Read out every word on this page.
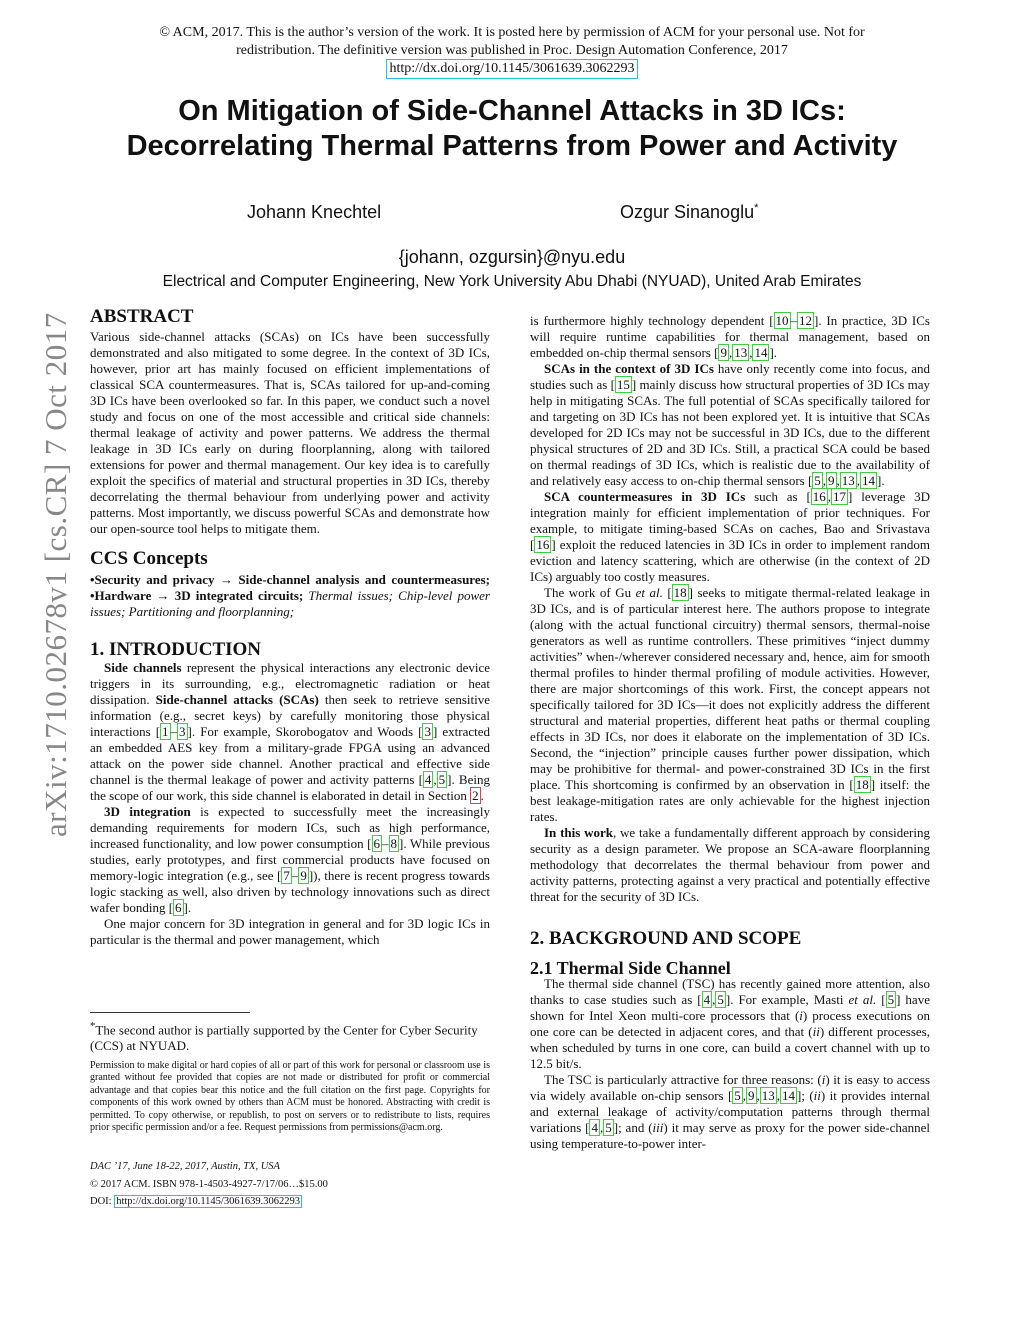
arXiv:1710.02678v1 [cs.CR] 7 Oct 2017
© ACM, 2017. This is the author’s version of the work. It is posted here by permission of ACM for your personal use. Not for
redistribution. The definitive version was published in Proc. Design Automation Conference, 2017
http://dx.doi.org/10.1145/3061639.3062293
On Mitigation of Side-Channel Attacks in 3D ICs:
Decorrelating Thermal Patterns from Power and Activity
Johann Knechtel	Ozgur Sinanoglu*
{johann, ozgursin}@nyu.edu
Electrical and Computer Engineering, New York University Abu Dhabi (NYUAD), United Arab Emirates
ABSTRACT

Various side-channel attacks (SCAs) on ICs have been successfully demonstrated and also mitigated to some degree. In the context of 3D ICs, however, prior art has mainly focused on efficient implementations of classical SCA countermeasures. That is, SCAs tailored for up-and-coming 3D ICs have been overlooked so far. In this paper, we conduct such a novel study and focus on one of the most accessible and critical side channels: thermal leakage of activity and power patterns. We address the thermal leakage in 3D ICs early on during floorplanning, along with tailored extensions for power and thermal management. Our key idea is to carefully exploit the specifics of material and structural properties in 3D ICs, thereby decorrelating the thermal behaviour from underlying power and activity patterns. Most importantly, we discuss powerful SCAs and demonstrate how our open-source tool helps to mitigate them.

CCS Concepts

•Security and privacy → Side-channel analysis and countermeasures; •Hardware → 3D integrated circuits; Thermal issues; Chip-level power issues; Partitioning and floorplanning;

1. INTRODUCTION

Side channels represent the physical interactions any electronic device triggers in its surrounding, e.g., electromagnetic radiation or heat dissipation. Side-channel attacks (SCAs) then seek to retrieve sensitive information (e.g., secret keys) by carefully monitoring those physical interactions [ 1 – 3 ]. For example, Skorobogatov and Woods [ 3 ] extracted an embedded AES key from a military-grade FPGA using an advanced attack on the power side channel. Another practical and effective side channel is the thermal leakage of power and activity patterns [ 4 , 5 ]. Being the scope of our work, this side channel is elaborated in detail in Section 2 .

3D integration is expected to successfully meet the increasingly demanding requirements for modern ICs, such as high performance, increased functionality, and low power consumption [ 6 – 8 ]. While previous studies, early prototypes, and first commercial products have focused on memory-logic integration (e.g., see [ 7 – 9 ]), there is recent progress towards logic stacking as well, also driven by technology innovations such as direct wafer bonding [ 6 ].

One major concern for 3D integration in general and for 3D logic ICs in particular is the thermal and power management, which

*The second author is partially supported by the Center for Cyber Security (CCS) at NYUAD.
Permission to make digital or hard copies of all or part of this work for personal or classroom use is granted without fee provided that copies are not made or distributed for profit or commercial advantage and that copies bear this notice and the full citation on the first page. Copyrights for components of this work owned by others than ACM must be honored. Abstracting with credit is permitted. To copy otherwise, or republish, to post on servers or to redistribute to lists, requires prior specific permission and/or a fee. Request permissions from permissions@acm.org.
DAC ’17, June 18-22, 2017, Austin, TX, USA
© 2017 ACM. ISBN 978-1-4503-4927-7/17/06…$15.00
DOI: http://dx.doi.org/10.1145/3061639.3062293

is furthermore highly technology dependent [ 10 – 12 ]. In practice, 3D ICs will require runtime capabilities for thermal management, based on embedded on-chip thermal sensors [ 9 , 13 , 14 ].

SCAs in the context of 3D ICs have only recently come into focus, and studies such as [ 15 ] mainly discuss how structural properties of 3D ICs may help in mitigating SCAs. The full potential of SCAs specifically tailored for and targeting on 3D ICs has not been explored yet. It is intuitive that SCAs developed for 2D ICs may not be successful in 3D ICs, due to the different physical structures of 2D and 3D ICs. Still, a practical SCA could be based on thermal readings of 3D ICs, which is realistic due to the availability of and relatively easy access to on-chip thermal sensors [ 5 , 9 , 13 , 14 ].

SCA countermeasures in 3D ICs such as [ 16 , 17 ] leverage 3D integration mainly for efficient implementation of prior techniques. For example, to mitigate timing-based SCAs on caches, Bao and Srivastava [ 16 ] exploit the reduced latencies in 3D ICs in order to implement random eviction and latency scattering, which are otherwise (in the context of 2D ICs) arguably too costly measures.

The work of Gu et al. [ 18 ] seeks to mitigate thermal-related leakage in 3D ICs, and is of particular interest here. The authors propose to integrate (along with the actual functional circuitry) thermal sensors, thermal-noise generators as well as runtime controllers. These primitives “inject dummy activities” when-/wherever considered necessary and, hence, aim for smooth thermal profiles to hinder thermal profiling of module activities. However, there are major shortcomings of this work. First, the concept appears not specifically tailored for 3D ICs—it does not explicitly address the different structural and material properties, different heat paths or thermal coupling effects in 3D ICs, nor does it elaborate on the implementation of 3D ICs. Second, the “injection” principle causes further power dissipation, which may be prohibitive for thermal- and power-constrained 3D ICs in the first place. This shortcoming is confirmed by an observation in [ 18 ] itself: the best leakage-mitigation rates are only achievable for the highest injection rates.

In this work, we take a fundamentally different approach by considering security as a design parameter. We propose an SCA-aware floorplanning methodology that decorrelates the thermal behaviour from power and activity patterns, protecting against a very practical and potentially effective threat for the security of 3D ICs.

2. BACKGROUND AND SCOPE
2.1 Thermal Side Channel

The thermal side channel (TSC) has recently gained more attention, also thanks to case studies such as [ 4 , 5 ]. For example, Masti et al. [ 5 ] have shown for Intel Xeon multi-core processors that (i) process executions on one core can be detected in adjacent cores, and that (ii) different processes, when scheduled by turns in one core, can build a covert channel with up to 12.5 bit/s.

The TSC is particularly attractive for three reasons: (i) it is easy to access via widely available on-chip sensors [ 5 , 9 , 13 , 14 ]; (ii) it provides internal and external leakage of activity/computation patterns through thermal variations [ 4 , 5 ]; and (iii) it may serve as proxy for the power side-channel using temperature-to-power inter-
